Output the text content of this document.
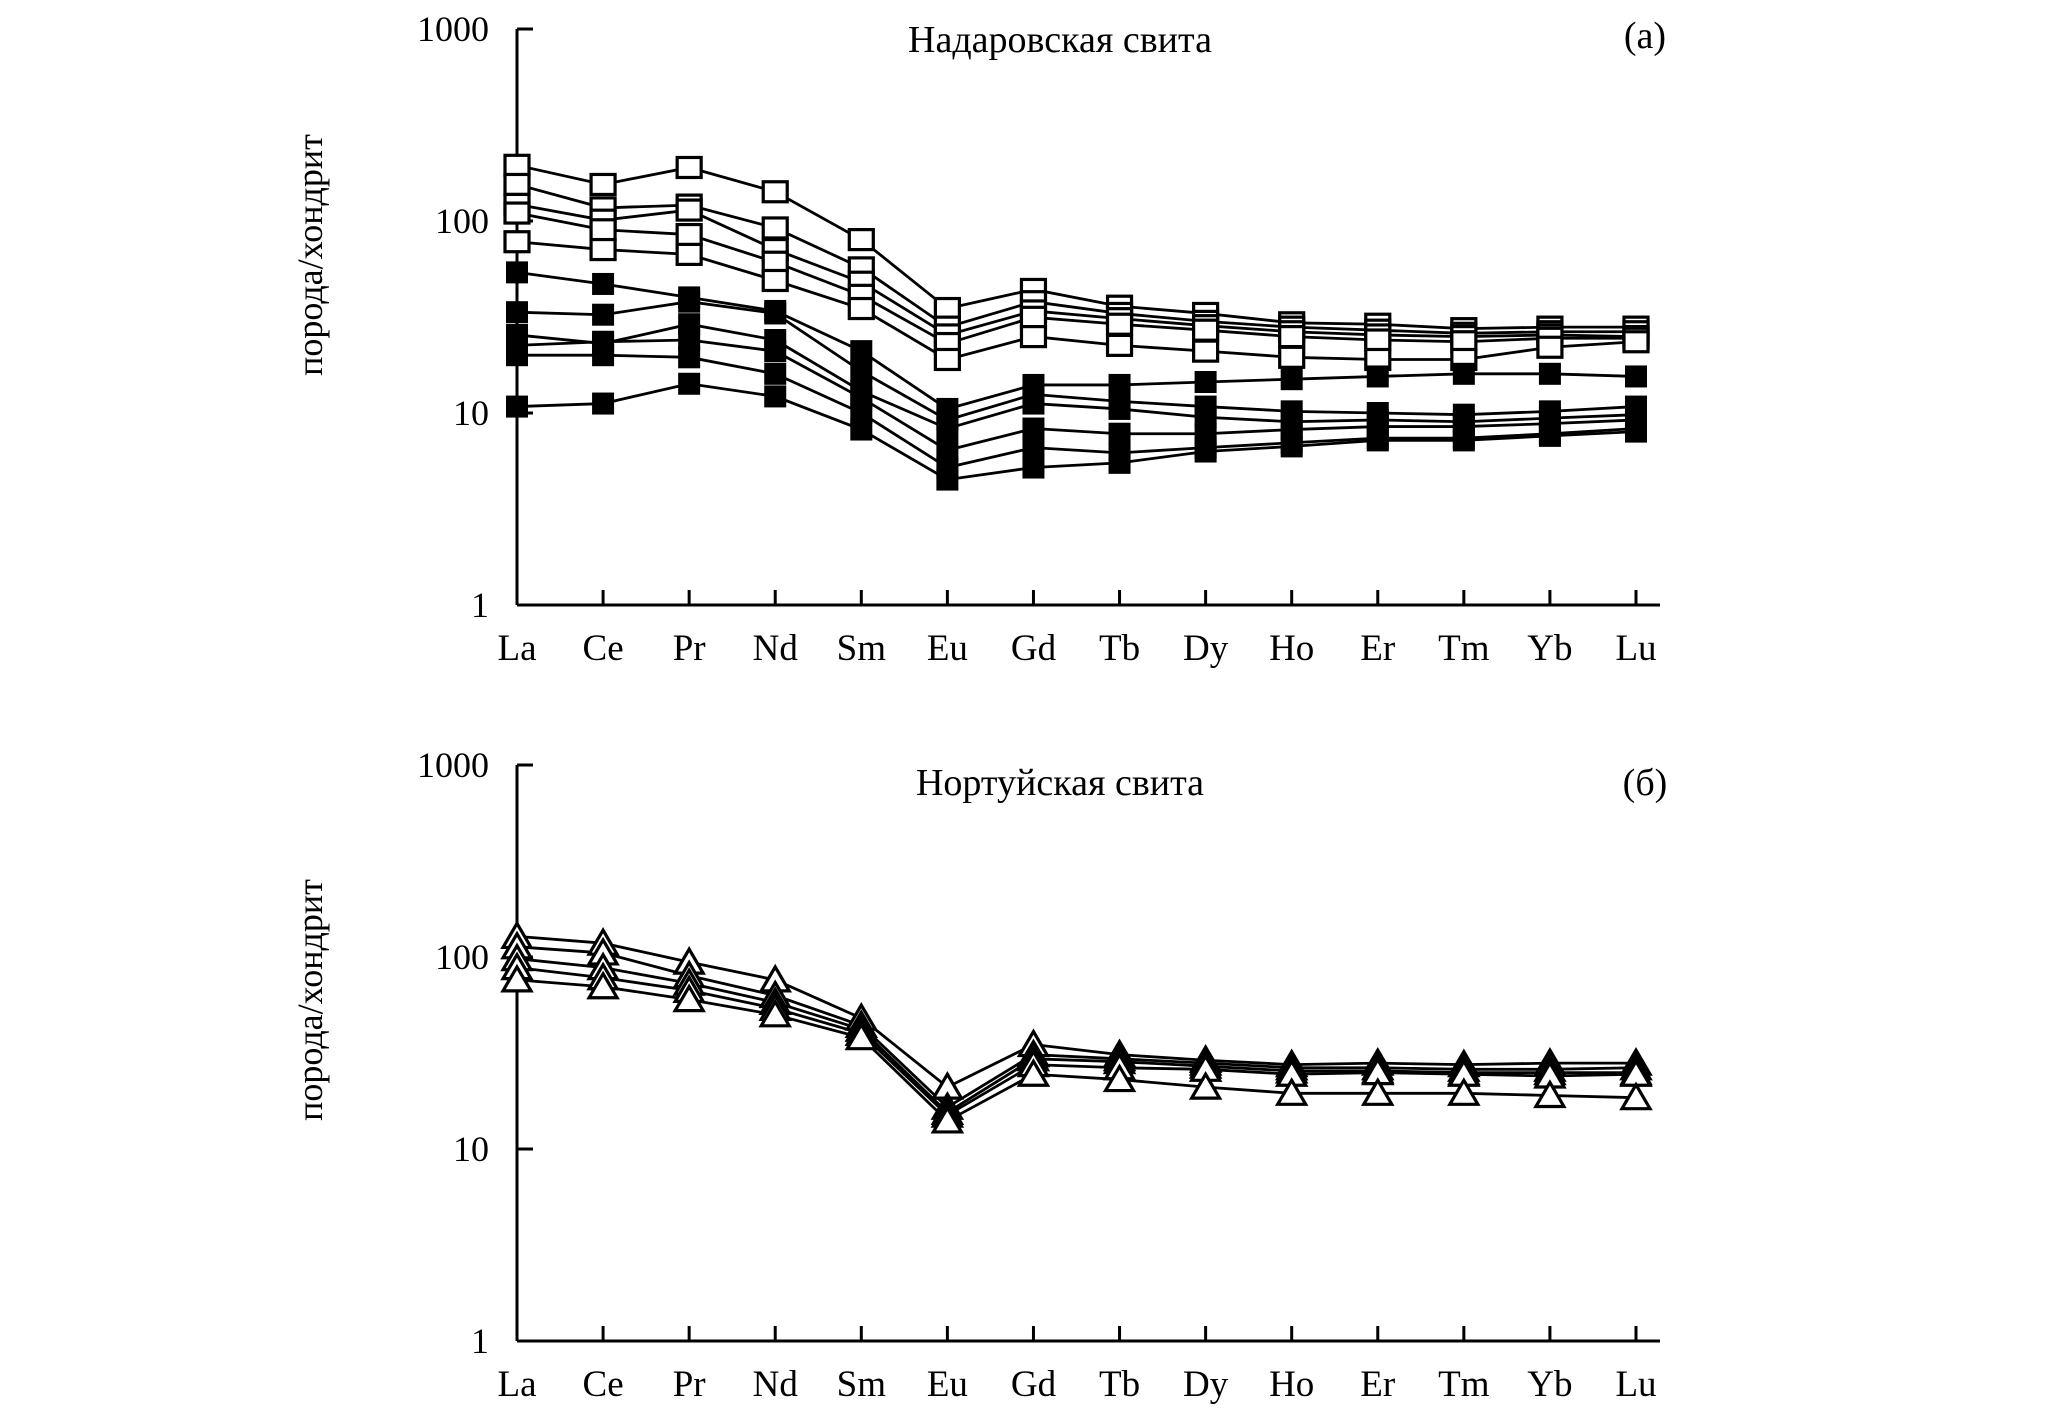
Надаровская свита	(а)
порода/хондрит
Нортуйская свита	(б)
порода/хондрит
1
10
100
1000
La Ce Pr Nd Sm Eu Gd Tb Dy Ho Er Tm Yb Lu
1
10
100
1000
La Ce Pr Nd Sm Eu Gd Tb Dy Ho Er Tm Yb Lu
